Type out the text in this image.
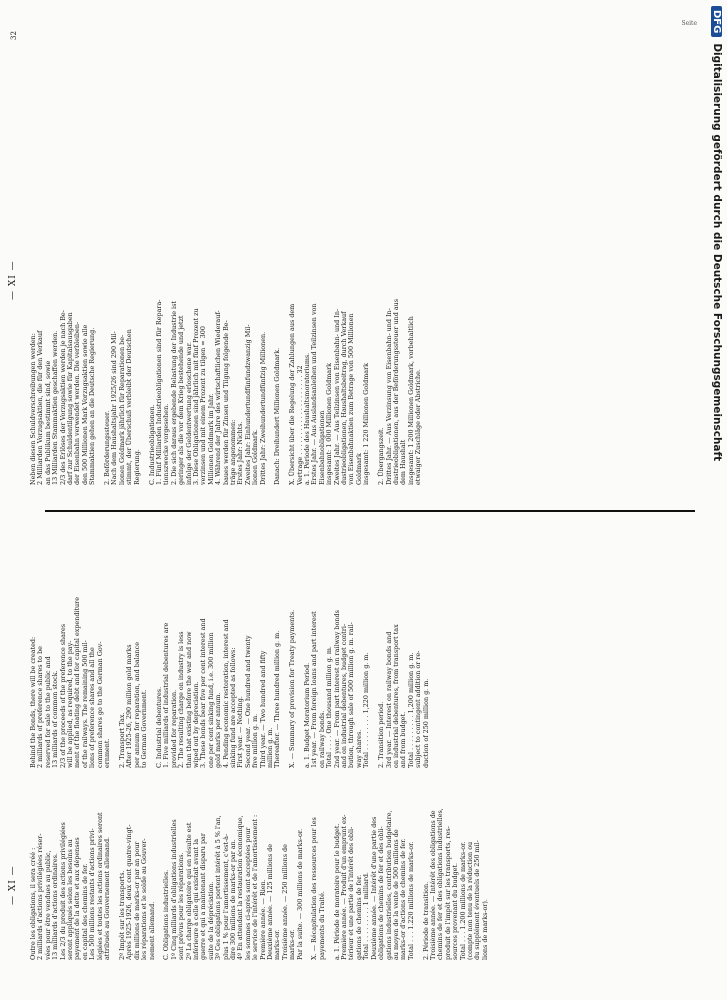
Seite
— XI — Outre les obligations, il sera créé : 2 milliards d'actions privilégiées réser- vées pour être vendues au public, 13 milliards d'actions ordinaires. Les 2/3 du produit des actions privilégiées seront appliqués selon les besoins au payement de la dette et aux dépenses en capital des chemins de fer. Les 500 millions restants d'actions privi- légiées et toutes les actions ordinaires seront attribués au Gouvernement allemand.

2º Impôt sur les transports. Après 1925-1926, deux cent quatre-vingt- dix millions de marks-or par an pour les réparations et le solde au Gouver- nement allemand.

C. Obligations industrielles. 1º Cinq milliards d'obligations industrielles sont prévus pour les réparations. 2º La charge obligatoire qui en résulte est inférieure à celle qui existait avant la guerre et qui a maintenant disparu par suite de la dépréciation. 3º Ces obligations portent intérêt à 5 % l'an, plus 1 % pour l'amortissement, c'est-à- dire 300 millions de marks-or par an. 4º En attendant la restauration économique, les sommes ci-après sont acceptées pour le service de l'intérêt et de l'amortissement : Première année. — Rien. Deuxième année. — 125 millions de marks-or. Troisième année. — 250 millions de marks-or. Par la suite. — 300 millions de marks-or.

X. — Récapitulation des ressources pour les payements du Traité.

a. 1. Période de moratoire pour le budget. Première année. — Produit d'un emprunt ex- térieur et une partie de l'intérêt des obli- gations de chemins de fer. Total . . . . . . . . . 1 milliard. Deuxième année. — Intérêt d'une partie des obligations de chemins de fer et des obli- gations industrielles, contribution budgétaire, au moyen de la vente de 500 millions de marks-or d'actions de chemins de fer. Total . . . 1.220 millions de marks-or.

2. Période de transition. Troisième année. — Intérêt des obligations de chemins de fer et des obligations industrielles, produit de l'impôt sur les transports, res- sources provenant du budget. Total . . . 1.200 millions de marks-or. (compte non tenu de la réduction ou du supplément éventuels de 250 mil- lions de marks-or).

Behind the Bonds, there will be created: 2 milliards of preference shares to be reserved for sale to the public and 13 milliards of common stock. 2/3 of the proceeds of the preference shares will be applied, as required, to the pay- ment of the floating debt and for capital expenditure of the railways. The remaining 500 mil- lions of preference shares and all the common shares go to the German Gov- ernment.

2. Transport Tax. After 1925-26, 290 million gold marks per annum for reparation, and balance to German Government.

C. Industrial debentures. 1. Five milliards of industrial debentures are provided for reparation. 2. The resulting charge on industry is less than that existing before the war and now wiped out by depreciation. 3. These bonds bear five per cent interest and one per cent sinking fund, i.e. 300 million gold marks per annum. 4. Pending economic restoration, interest and sinking fund are accepted as follows: First year. — Nothing. Second year. — One hundred and twenty five million g. m. Third year. — Two hundred and fifty million g. m. Thereafter. — Three hundred million g. m.

X. — Summary of provision for Treaty payments.

a. 1. Budget Moratorium Period. 1st year. — From foreign loans and part interest on railway bonds. Total . . . . One thousand million g. m. 2nd year. — From part interest on railway bonds and on industrial debentures, budget contri- bution, through sale of 500 million g. m. rail- way shares. Total . . . . . . . . . 1,220 million g. m.

2. Transition period. 3rd year. — Interest on railway bonds and on industrial debentures, from transport tax and from budget. Total . . . . . . . . . 1,200 million g. m. subject to contingent addition or re- duction of 250 million g. m.

— XI —
32

Neben diesen Schuldverschreibungen werden: 2 Milliarden Vorzugsaktien, die für den Verkauf an das Publikum bestimmt sind, sowie 13 Milliarden Stammaktien geschaffen werden. 2/3 des Erlöses der Vorzugsaktien werden je nach Be- darf zur Schuldentilgung sowie für Kapitalsausgaben der Eisenbahn verwendet werden. Die verbleiben- den 500 Millionen Mark Vorzugsaktien sowie alle Stammaktien gehen an die Deutsche Regierung.

2. Beförderungssteuer. Nach dem Haushaltsjahr 1925/26 sind 290 Mil- lionen Goldmark jährlich für Reparationen be- stimmt, der Überschuß verbleibt der Deutschen Regierung.

C. Industrieobligationen. 1. Fünf Milliarden Industrieobligationen sind für Repara- tionszwecke vorgesehen. 2. Die sich daraus ergebende Belastung der Industrie ist geringer als die vor dem Krieg bestehende und jetzt infolge der Geldentwertung erloschene war. 3. Diese Obligationen sind jährlich mit fünf Prozent zu verzinsen und mit einem Prozent zu tilgen = 300 Millionen Goldmark im Jahr. 4. Während der Jahre des wirtschaftlichen Wiederauf- baues werden für Zinsen und Tilgung folgende Be- träge angenommen: Erstes Jahr: Nichts. Zweites Jahr: Einhundertundfünfundzwanzig Mil- lionen Goldmark. Drittes Jahr: Zweihundertundfünfzig Millionen.

Danach: Dreihundert Millionen Goldmark.

X. Übersicht über die Regelung der Zahlungen aus dem Vertrage . . . . . . . . . . . . . . . . . . . . 32 a. 1. Periode des Haushaltsmoratoriums. Erstes Jahr. — Aus Auslandsanleihen und Teilzinsen von Eisenbahnobligationen insgesamt: 1 000 Millionen Goldmark Zweites Jahr. — Aus Teilzinsen von Eisenbahn- und In- dustrieobligationen, Haushaltsbeitrag, durch Verkauf von Eisenbahnaktien zum Betrage von 500 Millionen Goldmark insgesamt: 1 220 Millionen Goldmark

2. Übergangszeit. Drittes Jahr. — Aus Verzinsung von Eisenbahn- und In- dustrieobligationen, aus der Beförderungssteuer und aus dem Haushalt insgesamt: 1 200 Millionen Goldmark, vorbehaltlich etwaiger Zuschläge oder Abstriche.

DFGDigitalisierung gefördert durch die Deutsche Forschungsgemeinschaft
